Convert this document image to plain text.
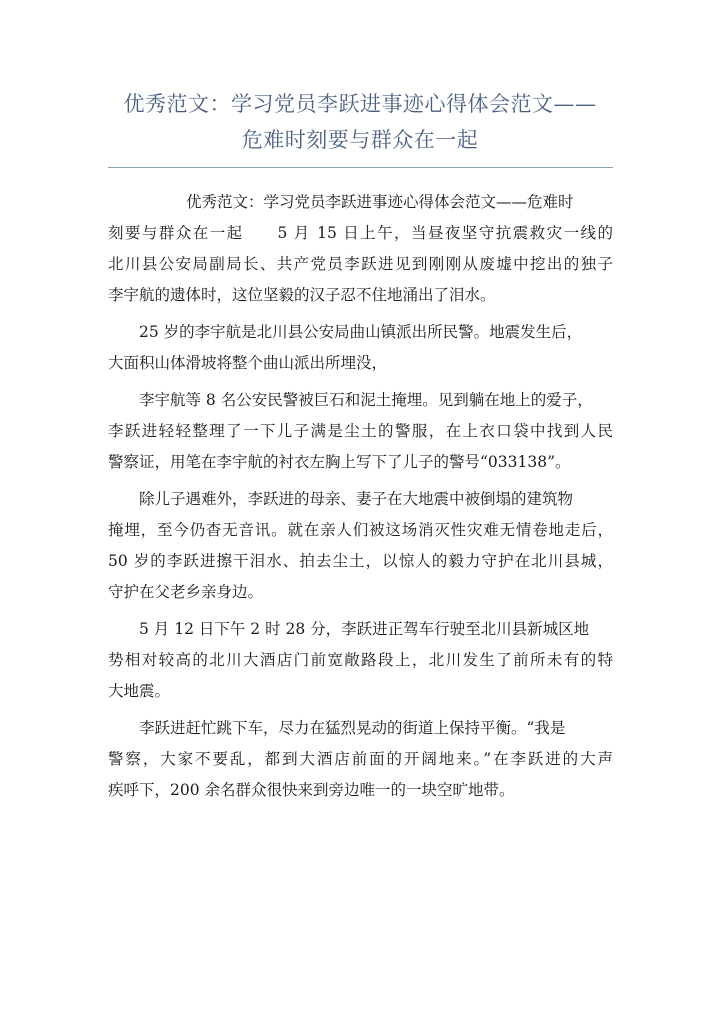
优秀范文：学习党员李跃进事迹心得体会范文——
危难时刻要与群众在一起
优秀范文：学习党员李跃进事迹心得体会范文——危难时
刻要与群众在一起　　5 月 15 日上午，当昼夜坚守抗震救灾一线的
北川县公安局副局长、共产党员李跃进见到刚刚从废墟中挖出的独子
李宇航的遗体时，这位坚毅的汉子忍不住地涌出了泪水。
25 岁的李宇航是北川县公安局曲山镇派出所民警。地震发生后，
大面积山体滑坡将整个曲山派出所埋没，
李宇航等 8 名公安民警被巨石和泥土掩埋。见到躺在地上的爱子，
李跃进轻轻整理了一下儿子满是尘土的警服，在上衣口袋中找到人民
警察证，用笔在李宇航的衬衣左胸上写下了儿子的警号“033138”。
除儿子遇难外，李跃进的母亲、妻子在大地震中被倒塌的建筑物
掩埋，至今仍杳无音讯。就在亲人们被这场消灭性灾难无情卷地走后，
50 岁的李跃进擦干泪水、拍去尘土，以惊人的毅力守护在北川县城，
守护在父老乡亲身边。
5 月 12 日下午 2 时 28 分，李跃进正驾车行驶至北川县新城区地
势相对较高的北川大酒店门前宽敞路段上，北川发生了前所未有的特
大地震。
李跃进赶忙跳下车，尽力在猛烈晃动的街道上保持平衡。“我是
警察，大家不要乱，都到大酒店前面的开阔地来。”在李跃进的大声
疾呼下，200 余名群众很快来到旁边唯一的一块空旷地带。
